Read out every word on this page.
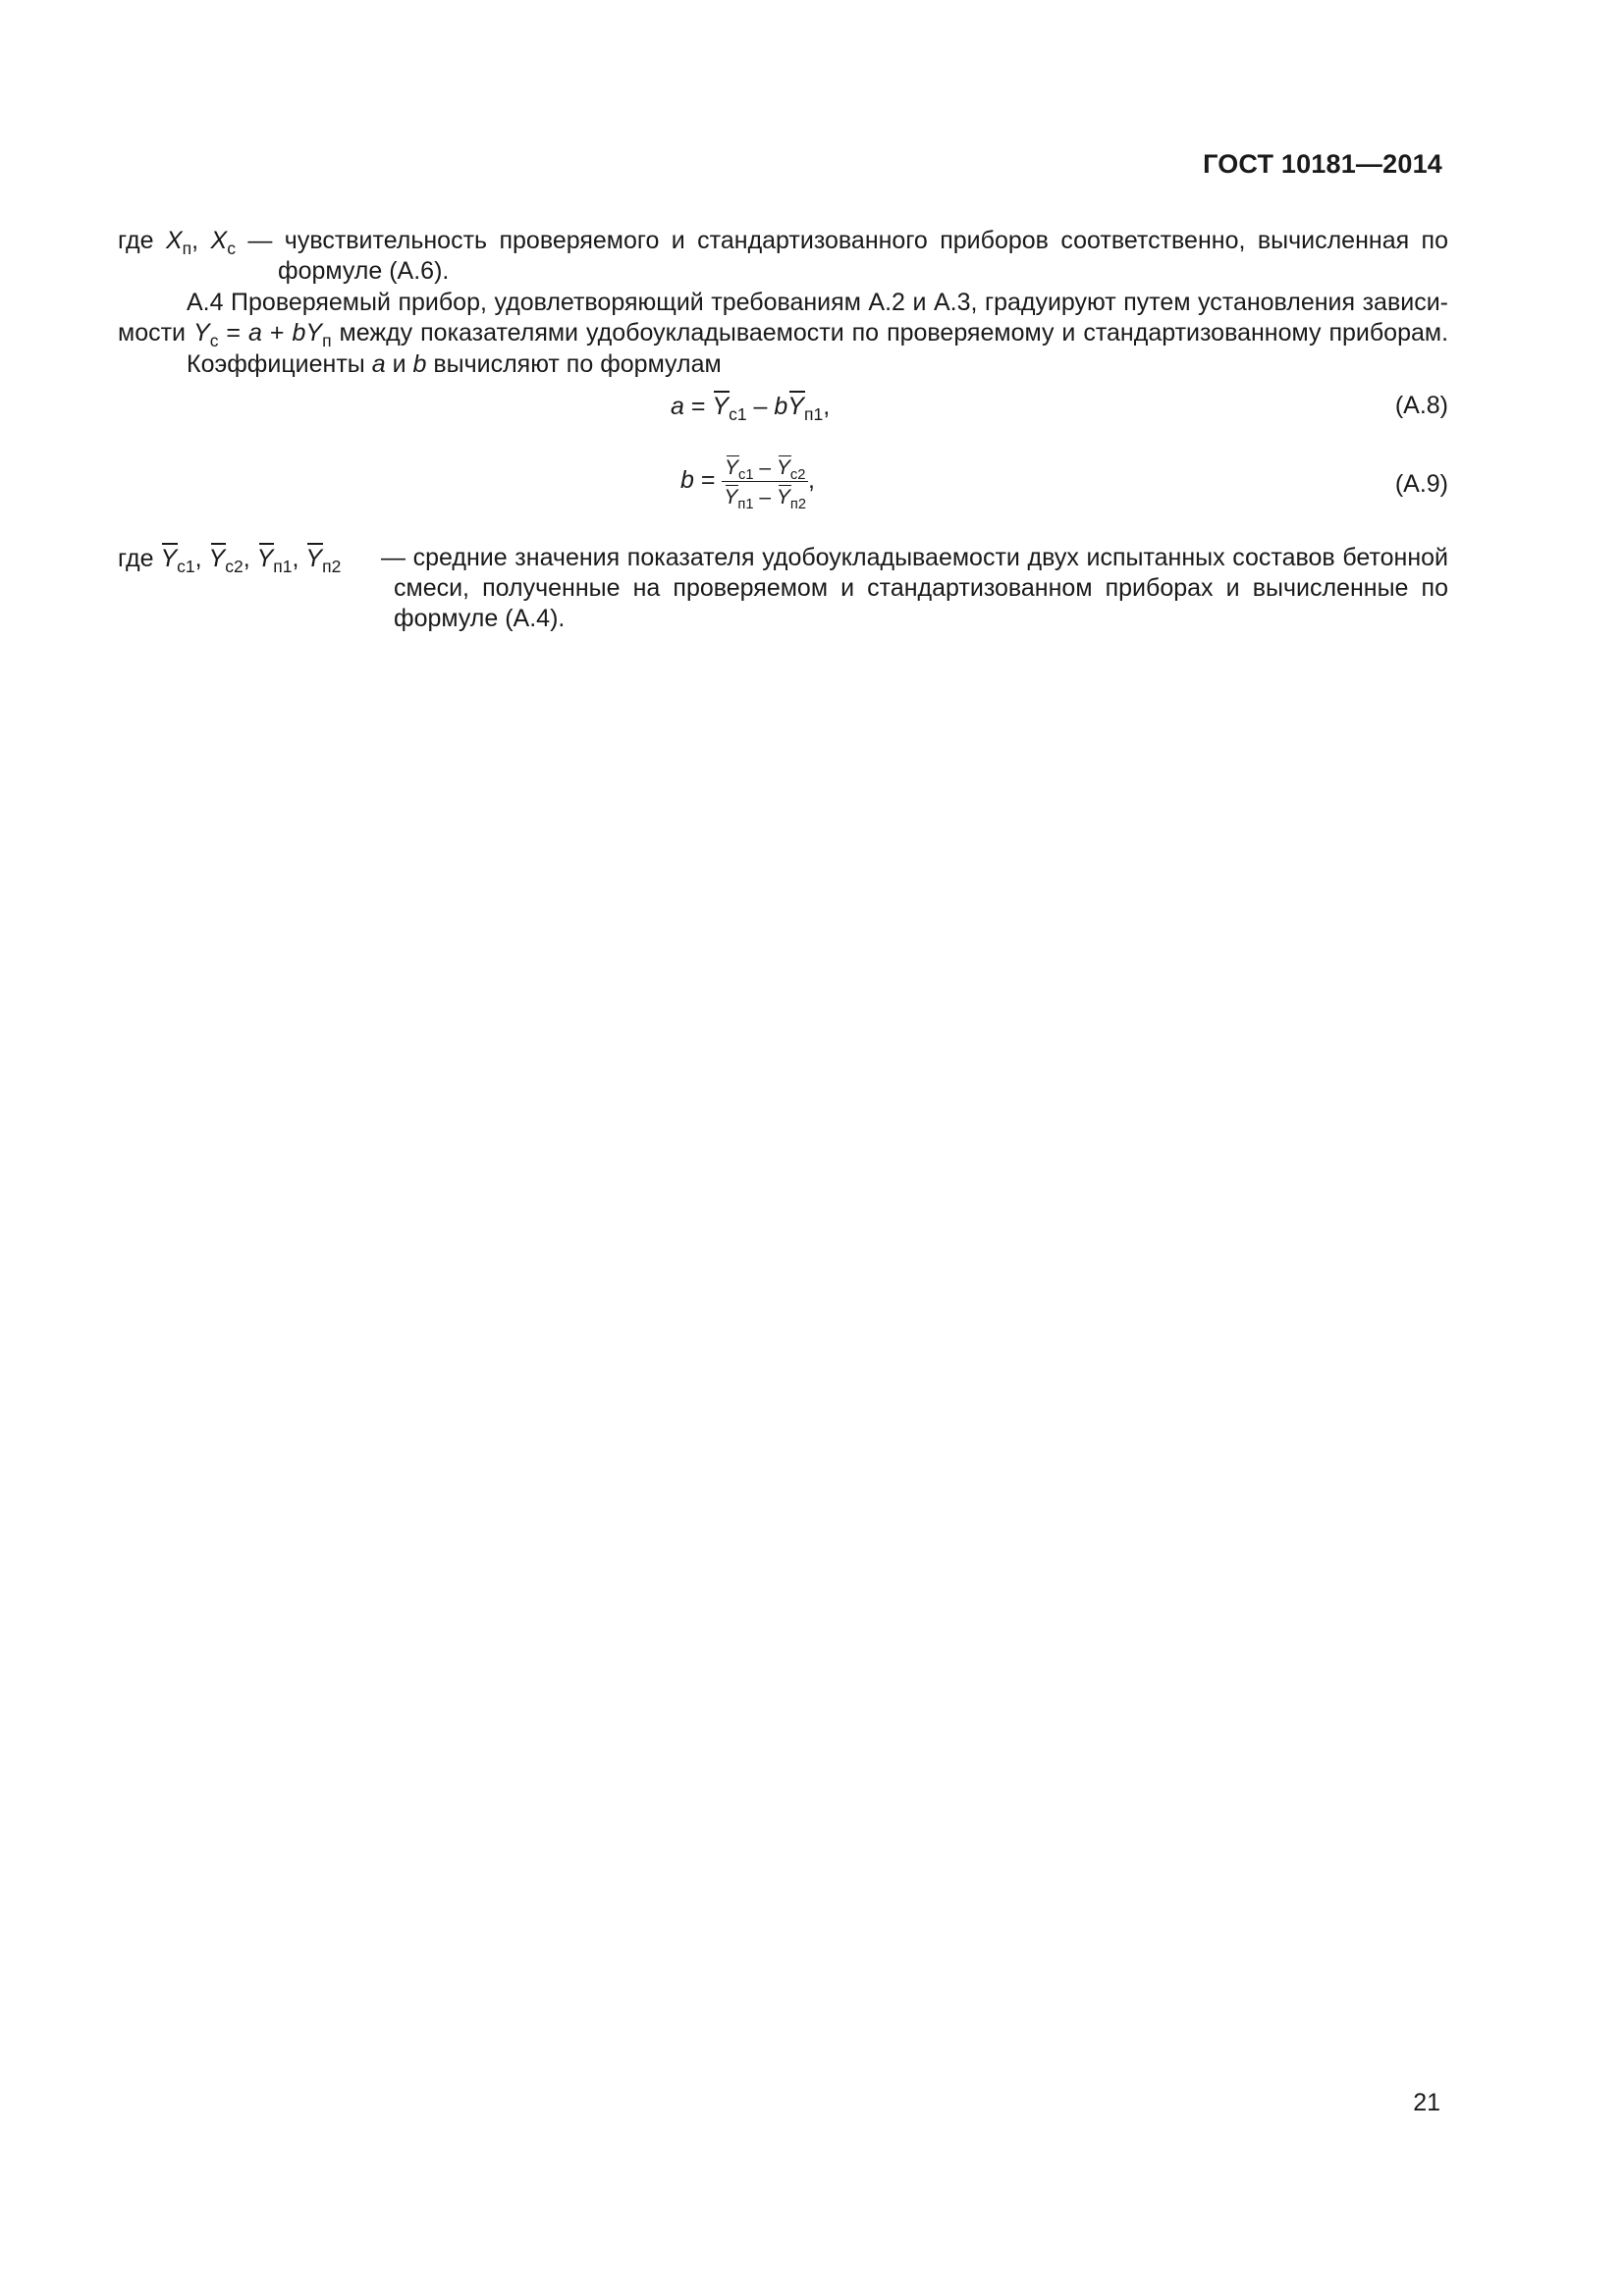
ГОСТ 10181—2014
где $X_п$, $X_с$ — чувствительность проверяемого и стандартизованного приборов соответственно, вычисленная по
формуле (А.6).
А.4 Проверяемый прибор, удовлетворяющий требованиям А.2 и А.3, градуируют путем установления зависи-
мости $Y_с = a + bY_п$ между показателями удобоукладываемости по проверяемому и стандартизованному приборам.
Коэффициенты a и b вычисляют по формулам
$a = Y_{с1} - bY_{п1}$,	(А.8)
$b = \frac{Y_{с1} - Y_{с2}}{Y_{п1} - Y_{п2}}$ ,	(А.9)
где $Y_{с1}$, $Y_{с2}$, $Y_{п1}$, $Y_{п2}$	— средние значения показателя удобоукладываемости двух испытанных составов бетонной
смеси, полученные на проверяемом и стандартизованном приборах и вычисленные по
формуле (А.4).
21
